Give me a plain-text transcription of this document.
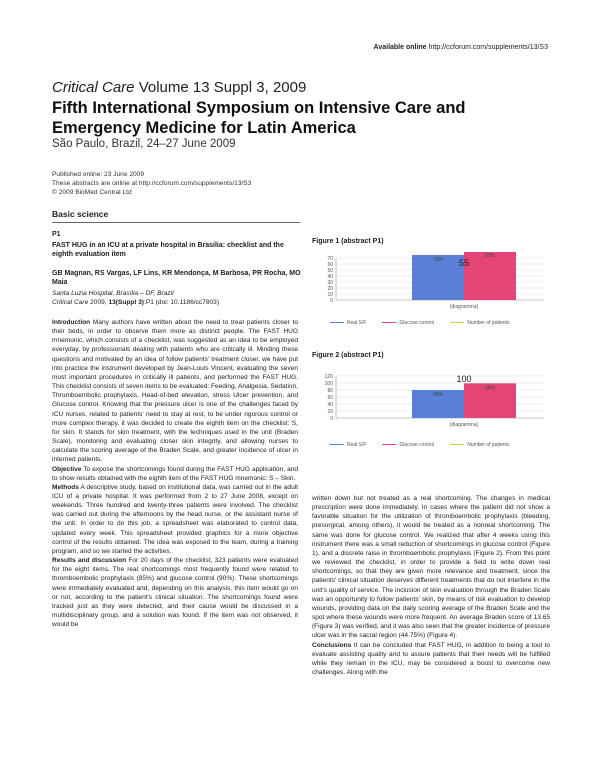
Available online http://ccforum.com/supplements/13/S3
Critical Care Volume 13 Suppl 3, 2009
Fifth International Symposium on Intensive Care and Emergency Medicine for Latin America
São Paulo, Brazil, 24–27 June 2009
Published online: 23 June 2009
These abstracts are online at http://ccforum.com/supplements/13/S3
© 2009 BioMed Central Ltd
Basic science
P1
FAST HUG in an ICU at a private hospital in Brasilia: checklist and the eighth evaluation item
GB Magnan, RS Vargas, LF Lins, KR Mendonça, M Barbosa, PR Rocha, MO Maia
Santa Luzia Hospital, Brasília – DF, Brazil
Critical Care 2009, 13(Suppl 3):P1 (doi: 10.1186/cc7803)

Introduction Many authors have written about the need to treat patients closer to their beds, in order to observe them more as distinct people. The FAST HUG mnemonic, which consists of a checklist, was suggested as an idea to be employed everyday, by professionals dealing with patients who are critically ill. Minding these questions and motivated by an idea of follow patients' treatment closer, we have put into practice the instrument developed by Jean-Louis Vincent, evaluating the seven most important procedures in critically ill patients, and performed the FAST HUG. This checklist consists of seven items to be evaluated: Feeding, Analgesia, Sedation, Thromboembolic prophylaxis, Head-of-bed elevation, stress Ulcer prevention, and Glucose control. Knowing that the pressure ulcer is one of the challenges faced by ICU nurses, related to patients' need to stay at rest, to be under rigorous control or more complex therapy, it was decided to create the eighth item on the checklist: S, for skin. It stands for skin treatment, with the techniques used in the unit (Braden Scale), monitoring and evaluating closer skin integrity, and allowing nurses to calculate the scoring average of the Braden Scale, and greater incidence of ulcer in interned patients.

Objective To expose the shortcomings found during the FAST HUG application, and to show results obtained with the eighth item of the FAST HUG mnemonic: S – Skin.

Methods A descriptive study, based on institutional data, was carried out in the adult ICU of a private hospital. It was performed from 2 to 27 June 2008, except on weekends. Three hundred and twenty-three patients were involved. The checklist was carried out during the afternoons by the head nurse, or the assistant nurse of the unit. In order to do this job, a spreadsheet was elaborated to control data, updated every week. This spreadsheet provided graphics for a more objective control of the results obtained. The idea was exposed to the team, during a training program, and so we started the activities.

Results and discussion For 20 days of the checklist, 323 patients were evaluated for the eight items. The real shortcomings most frequently found were related to thromboembolic prophylaxis (85%) and glucose control (90%). These shortcomings were immediately evaluated and, depending on this analysis, this item would go on or not, according to the patient's clinical situation. The shortcomings found were tracked just as they were detected, and their cause would be discussed in a multidisciplinary group, and a solution was found. If the item was not observed, it would be

Figure 1 (abstract P1)
70
60
50
40
30
20
10
0
75%
82%
55
[diagramma]
Real S/F	Glucose control	Number of patients
Figure 2 (abstract P1)
120
100
80
60
40
20
0
80%
99%
100
[diagramma]
Real S/F	Glucose control	Number of patients

written down but not treated as a real shortcoming. The changes in medical prescription were done immediately. In cases where the patient did not show a favorable situation for the utilization of thromboembolic prophylaxis (bleeding, presurgical, among others), it would be treated as a nonreal shortcoming. The same was done for glucose control. We realized that after 4 weeks using this instrument there was a small reduction of shortcomings in glucose control (Figure 1), and a discrete raise in thromboembolic prophylaxis (Figure 2). From this point we reviewed the checklist, in order to provide a field to write down real shortcomings, so that they are given more relevance and treatment, since the patients' clinical situation deserves different treatments that do not interfere in the unit's quality of service. The inclusion of skin evaluation through the Braden Scale was an opportunity to follow patients' skin, by means of risk evaluation to develop wounds, providing data on the daily scoring average of the Braden Scale and the spot where these wounds were more frequent. An average Braden score of 13.65 (Figure 3) was verified, and it was also seen that the greater incidence of pressure ulcer was in the sacral region (44.75%) (Figure 4).

Conclusions It can be concluded that FAST HUG, in addition to being a tool to evaluate assisting quality and to assure patients that their needs will be fulfilled while they remain in the ICU, may be considered a boost to overcome new challenges. Along with the
